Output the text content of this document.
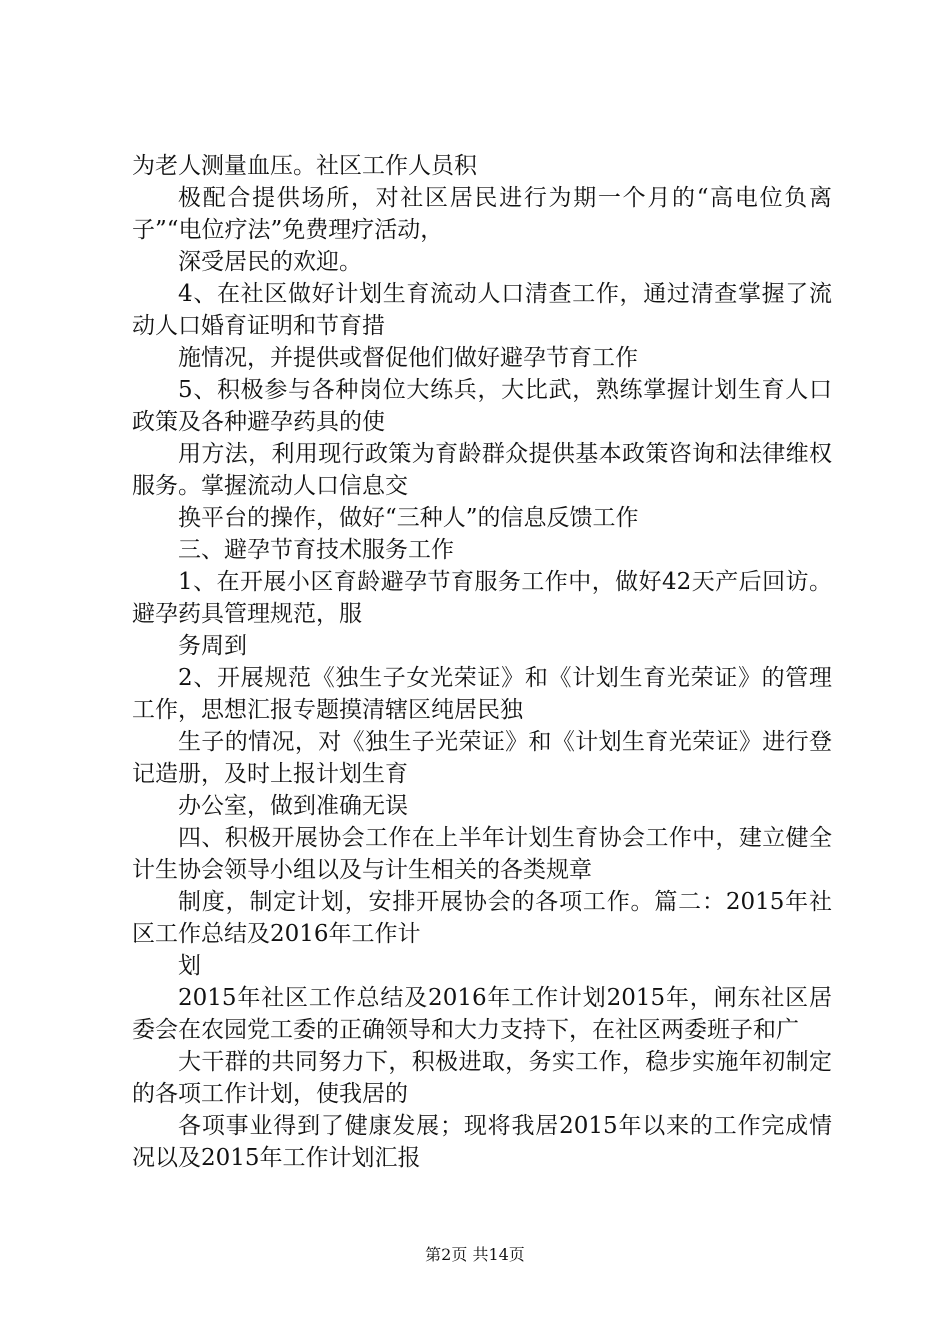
为老人测量血压。社区工作人员积

极配合提供场所，对社区居民进行为期一个月的“高电位负离子”“电位疗法”免费理疗活动，

深受居民的欢迎。

4、在社区做好计划生育流动人口清查工作，通过清查掌握了流动人口婚育证明和节育措

施情况，并提供或督促他们做好避孕节育工作

5、积极参与各种岗位大练兵，大比武，熟练掌握计划生育人口政策及各种避孕药具的使

用方法，利用现行政策为育龄群众提供基本政策咨询和法律维权服务。掌握流动人口信息交

换平台的操作，做好“三种人”的信息反馈工作

三、避孕节育技术服务工作

1、在开展小区育龄避孕节育服务工作中，做好42天产后回访。避孕药具管理规范，服

务周到

2、开展规范《独生子女光荣证》和《计划生育光荣证》的管理工作，思想汇报专题摸清辖区纯居民独

生子的情况，对《独生子光荣证》和《计划生育光荣证》进行登记造册，及时上报计划生育

办公室，做到准确无误

四、积极开展协会工作在上半年计划生育协会工作中，建立健全计生协会领导小组以及与计生相关的各类规章

制度，制定计划，安排开展协会的各项工作。篇二：2015年社区工作总结及2016年工作计

划

2015年社区工作总结及2016年工作计划2015年，闸东社区居委会在农园党工委的正确领导和大力支持下，在社区两委班子和广

大干群的共同努力下，积极进取，务实工作，稳步实施年初制定的各项工作计划，使我居的

各项事业得到了健康发展；现将我居2015年以来的工作完成情况以及2015年工作计划汇报

第2页 共14页
